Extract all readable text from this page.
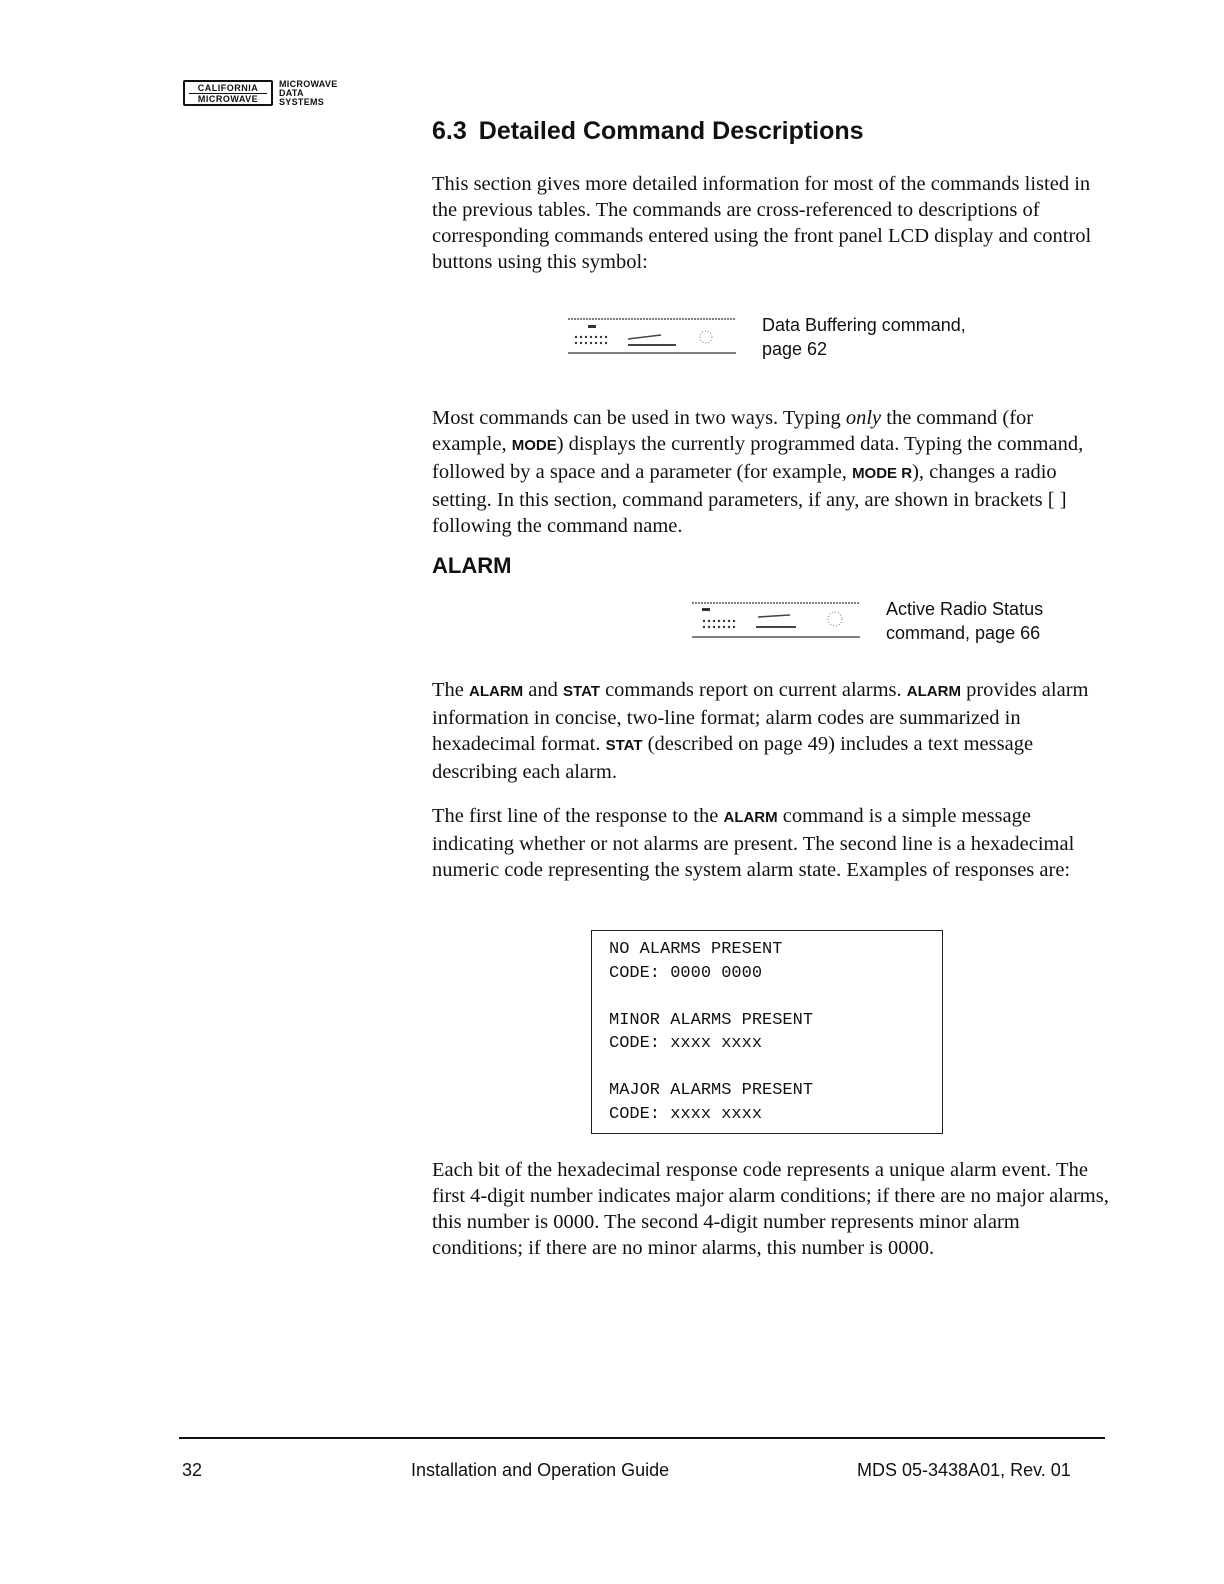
CALIFORNIA
MICROWAVE
MICROWAVE
DATA
SYSTEMS
6.3 Detailed Command Descriptions

This section gives more detailed information for most of the commands listed in the previous tables. The commands are cross-referenced to descriptions of corresponding commands entered using the front panel LCD display and control buttons using this symbol:

Data Buffering command, page 62

Most commands can be used in two ways. Typing only the command (for example, MODE) displays the currently programmed data. Typing the command, followed by a space and a parameter (for example, MODE R), changes a radio setting. In this section, command parameters, if any, are shown in brackets [ ] following the command name.

ALARM
Active Radio Status command, page 66

The ALARM and STAT commands report on current alarms. ALARM provides alarm information in concise, two-line format; alarm codes are summarized in hexadecimal format. STAT (described on page 49) includes a text message describing each alarm.

The first line of the response to the ALARM command is a simple message indicating whether or not alarms are present. The second line is a hexadecimal numeric code representing the system alarm state. Examples of responses are:

NO ALARMS PRESENT
CODE: 0000 0000
MINOR ALARMS PRESENT
CODE: xxxx xxxx
MAJOR ALARMS PRESENT
CODE: xxxx xxxx

Each bit of the hexadecimal response code represents a unique alarm event. The first 4-digit number indicates major alarm conditions; if there are no major alarms, this number is 0000. The second 4-digit number represents minor alarm conditions; if there are no minor alarms, this number is 0000.

32	Installation and Operation Guide	MDS 05-3438A01, Rev. 01
